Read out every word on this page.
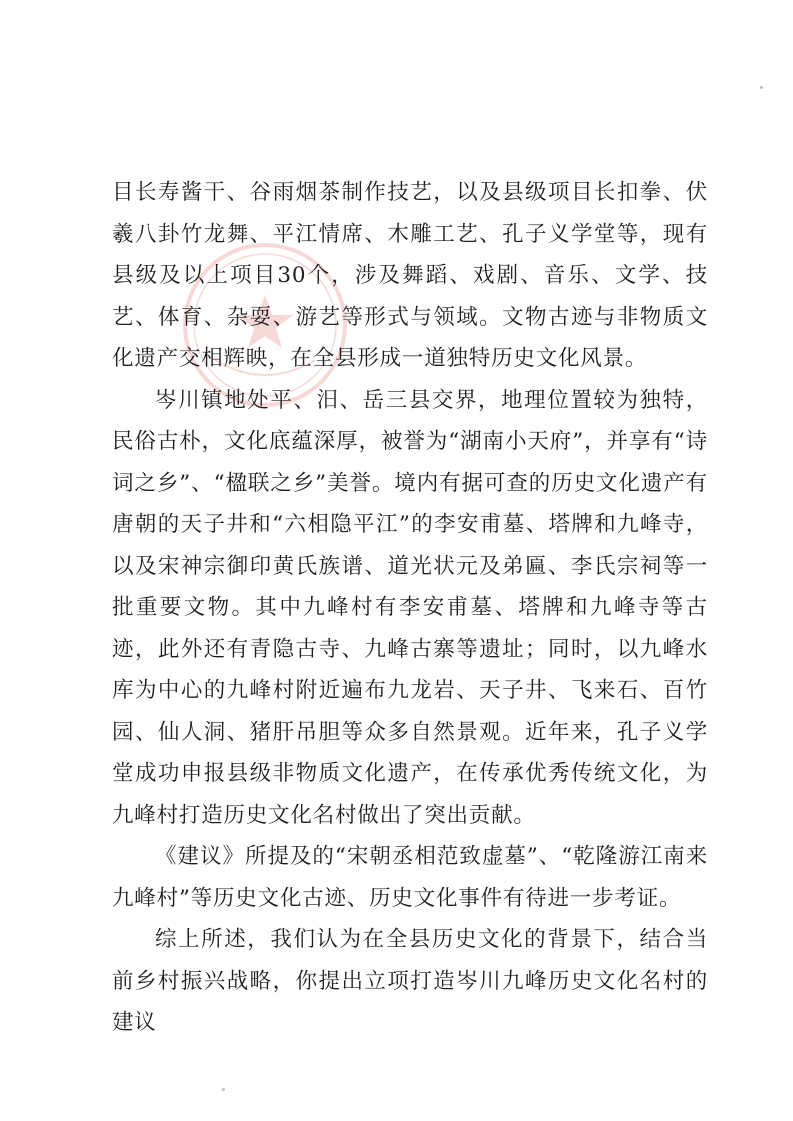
目长寿酱干、谷雨烟茶制作技艺，以及县级项目长扣拳、伏羲八卦竹龙舞、平江情席、木雕工艺、孔子义学堂等，现有县级及以上项目30个，涉及舞蹈、戏剧、音乐、文学、技艺、体育、杂耍、游艺等形式与领域。文物古迹与非物质文化遗产交相辉映，在全县形成一道独特历史文化风景。

岑川镇地处平、汨、岳三县交界，地理位置较为独特，民俗古朴，文化底蕴深厚，被誉为“湖南小天府”，并享有“诗词之乡”、“楹联之乡”美誉。境内有据可查的历史文化遗产有唐朝的天子井和“六相隐平江”的李安甫墓、塔牌和九峰寺，以及宋神宗御印黄氏族谱、道光状元及弟匾、李氏宗祠等一批重要文物。其中九峰村有李安甫墓、塔牌和九峰寺等古迹，此外还有青隐古寺、九峰古寨等遗址；同时，以九峰水库为中心的九峰村附近遍布九龙岩、天子井、飞来石、百竹园、仙人洞、猪肝吊胆等众多自然景观。近年来，孔子义学堂成功申报县级非物质文化遗产，在传承优秀传统文化，为九峰村打造历史文化名村做出了突出贡献。

《建议》所提及的“宋朝丞相范致虚墓”、“乾隆游江南来九峰村”等历史文化古迹、历史文化事件有待进一步考证。

综上所述，我们认为在全县历史文化的背景下，结合当前乡村振兴战略，你提出立项打造岑川九峰历史文化名村的建议
